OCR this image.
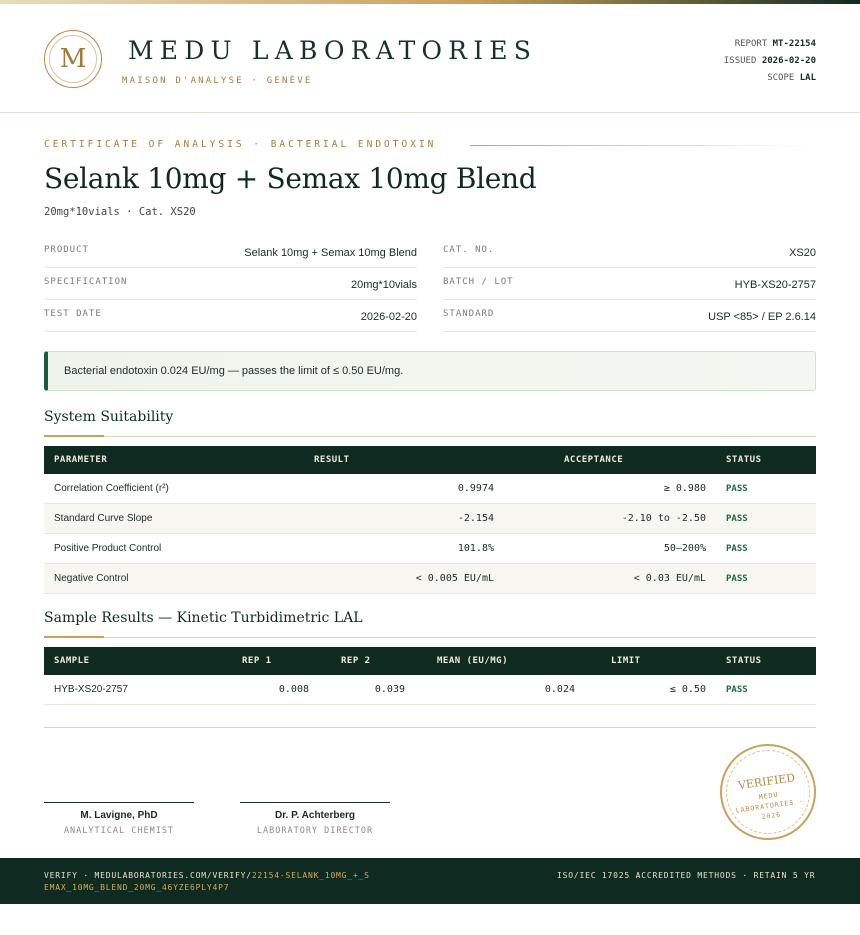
M	MEDU LABORATORIES
MAISON D'ANALYSE · GENÈVE
REPORT MT-22154
ISSUED 2026-02-20
SCOPE LAL
CERTIFICATE OF ANALYSIS · BACTERIAL ENDOTOXIN
Selank 10mg + Semax 10mg Blend
20mg*10vials · Cat. XS20
PRODUCT	Selank 10mg + Semax 10mg Blend
SPECIFICATION	20mg*10vials
TEST DATE	2026-02-20
CAT. NO.	XS20
BATCH / LOT	HYB-XS20-2757
STANDARD	USP <85> / EP 2.6.14
Bacterial endotoxin 0.024 EU/mg — passes the limit of ≤ 0.50 EU/mg.
System Suitability
PARAMETER	RESULT	ACCEPTANCE	STATUS
Correlation Coefficient (r²)	0.9974	≥ 0.980	PASS
Standard Curve Slope	-2.154	-2.10 to -2.50	PASS
Positive Product Control	101.8%	50–200%	PASS
Negative Control	< 0.005 EU/mL	< 0.03 EU/mL	PASS
Sample Results — Kinetic Turbidimetric LAL
SAMPLE	REP 1	REP 2	MEAN (EU/MG)	LIMIT	STATUS
HYB-XS20-2757	0.008	0.039	0.024	≤ 0.50	PASS
M. Lavigne, PhD
ANALYTICAL CHEMIST
Dr. P. Achterberg
LABORATORY DIRECTOR
VERIFIED
MEDU LABORATORIES · 2026
VERIFY · MEDULABORATORIES.COM/VERIFY/22154-SELANK_10MG_+_SEMAX_10MG_BLEND_20MG_46YZE6PLY4P7
ISO/IEC 17025 ACCREDITED METHODS · RETAIN 5 YR
